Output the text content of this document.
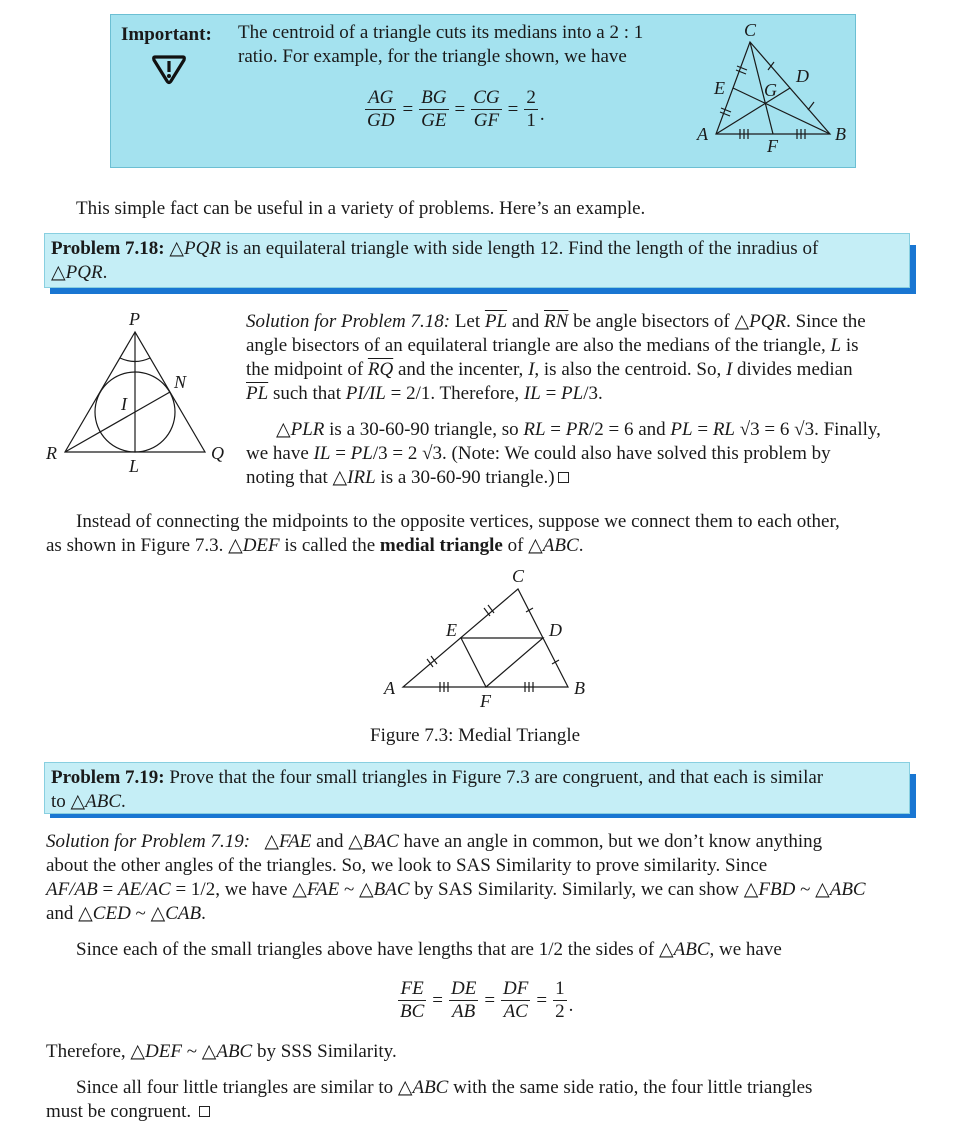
Important: The centroid of a triangle cuts its medians into a 2 : 1
ratio. For example, for the triangle shown, we have
$\frac{AG}{GD} = \frac{BG}{GE} = \frac{CG}{GF} = \frac{2}{1}$ .
C
D
E G
A	B
F
This simple fact can be useful in a variety of problems. Here’s an example.
Problem 7.18: △PQR is an equilateral triangle with side length 12. Find the length of the inradius of
△PQR.
P
N
I
R	Q
L
Solution for Problem 7.18: Let $\overline{PL}$ and $\overline{RN}$ be angle bisectors of △PQR. Since the
angle bisectors of an equilateral triangle are also the medians of the triangle, L is
the midpoint of $\overline{RQ}$ and the incenter, I, is also the centroid. So, I divides median
$\overline{PL}$ such that PI/IL = 2/1. Therefore, IL = PL/3.
△PLR is a 30-60-90 triangle, so RL = PR/2 = 6 and PL = RL √3 = 6 √3. Finally,
we have IL = PL/3 = 2 √3. (Note: We could also have solved this problem by
noting that △IRL is a 30-60-90 triangle.)
Instead of connecting the midpoints to the opposite vertices, suppose we connect them to each other,
as shown in Figure 7.3. △DEF is called the medial triangle of △ABC.
C
E	D
A	B
F
Figure 7.3: Medial Triangle
Problem 7.19: Prove that the four small triangles in Figure 7.3 are congruent, and that each is similar
to △ABC.
Solution for Problem 7.19:   △FAE and △BAC have an angle in common, but we don’t know anything
about the other angles of the triangles. So, we look to SAS Similarity to prove similarity. Since
AF/AB = AE/AC = 1/2, we have △FAE ~ △BAC by SAS Similarity. Similarly, we can show △FBD ~ △ABC
and △CED ~ △CAB.
Since each of the small triangles above have lengths that are 1/2 the sides of △ABC, we have
$\frac{FE}{BC} = \frac{DE}{AB} = \frac{DF}{AC} = \frac{1}{2}$ .
Therefore, △DEF ~ △ABC by SSS Similarity.
Since all four little triangles are similar to △ABC with the same side ratio, the four little triangles
must be congruent.
